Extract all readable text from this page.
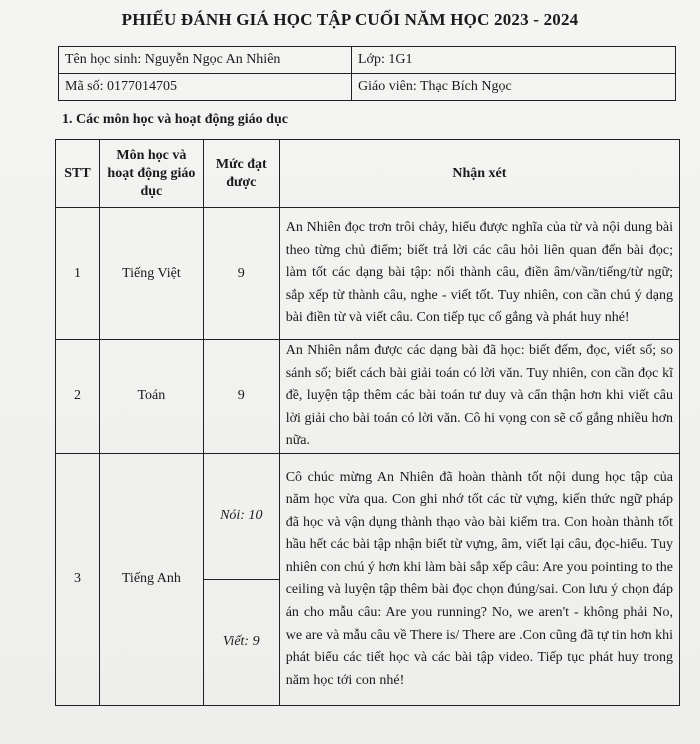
PHIẾU ĐÁNH GIÁ HỌC TẬP CUỐI NĂM HỌC 2023 - 2024
Tên học sinh: Nguyễn Ngọc An Nhiên	Lớp: 1G1
Mã số: 0177014705	Giáo viên: Thạc Bích Ngọc
1. Các môn học và hoạt động giáo dục
STT	Môn học và hoạt động giáo dục	Mức đạt được	Nhận xét
1	Tiếng Việt	9	An Nhiên đọc trơn trôi chảy, hiểu được nghĩa của từ và nội dung bài theo từng chủ điểm; biết trả lời các câu hỏi liên quan đến bài đọc; làm tốt các dạng bài tập: nối thành câu, điền âm/vần/tiếng/từ ngữ; sắp xếp từ thành câu, nghe - viết tốt. Tuy nhiên, con cần chú ý dạng bài điền từ và viết câu. Con tiếp tục cố gắng và phát huy nhé!
2	Toán	9	An Nhiên nắm được các dạng bài đã học: biết đếm, đọc, viết số; so sánh số; biết cách bài giải toán có lời văn. Tuy nhiên, con cần đọc kĩ đề, luyện tập thêm các bài toán tư duy và cẩn thận hơn khi viết câu lời giải cho bài toán có lời văn. Cô hi vọng con sẽ cố gắng nhiều hơn nữa.
3	Tiếng Anh	Nói: 10	Cô chúc mừng An Nhiên đã hoàn thành tốt nội dung học tập của năm học vừa qua. Con ghi nhớ tốt các từ vựng, kiến thức ngữ pháp đã học và vận dụng thành thạo vào bài kiểm tra. Con hoàn thành tốt hầu hết các bài tập nhận biết từ vựng, âm, viết lại câu, đọc-hiểu. Tuy nhiên con chú ý hơn khi làm bài sắp xếp câu: Are you pointing to the ceiling và luyện tập thêm bài đọc chọn đúng/sai. Con lưu ý chọn đáp án cho mẫu câu: Are you running? No, we aren't - không phải No, we are và mẫu câu về There is/ There are .Con cũng đã tự tin hơn khi phát biểu các tiết học và các bài tập video. Tiếp tục phát huy trong năm học tới con nhé!
Viết: 9
